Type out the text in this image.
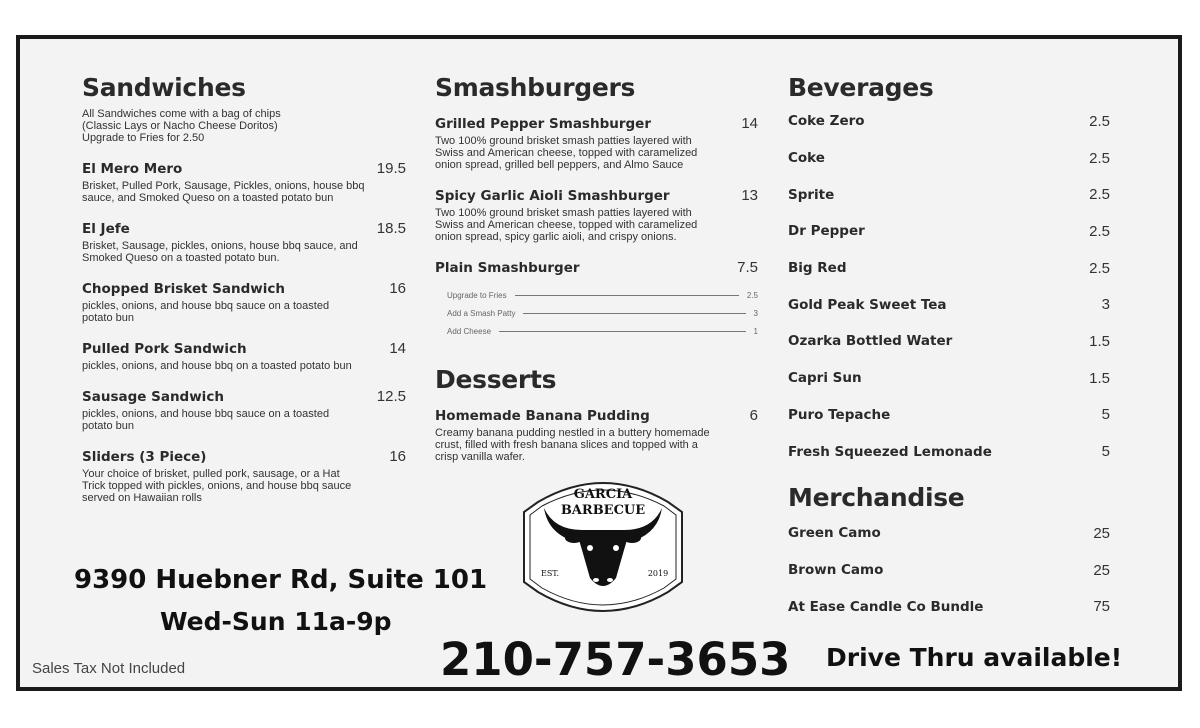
Sandwiches
All Sandwiches come with a bag of chips
(Classic Lays or Nacho Cheese Doritos)
Upgrade to Fries for 2.50
El Mero Mero	19.5
Brisket, Pulled Pork, Sausage, Pickles, onions, house bbq
sauce, and Smoked Queso on a toasted potato bun
El Jefe	18.5
Brisket, Sausage, pickles, onions, house bbq sauce, and
Smoked Queso on a toasted potato bun.
Chopped Brisket Sandwich	16
pickles, onions, and house bbq sauce on a toasted
potato bun
Pulled Pork Sandwich	14
pickles, onions, and house bbq on a toasted potato bun
Sausage Sandwich	12.5
pickles, onions, and house bbq sauce on a toasted
potato bun
Sliders (3 Piece)	16
Your choice of brisket, pulled pork, sausage, or a Hat
Trick topped with pickles, onions, and house bbq sauce
served on Hawaiian rolls
Smashburgers
Grilled Pepper Smashburger	14
Two 100% ground brisket smash patties layered with
Swiss and American cheese, topped with caramelized
onion spread, grilled bell peppers, and Almo Sauce
Spicy Garlic Aioli Smashburger	13
Two 100% ground brisket smash patties layered with
Swiss and American cheese, topped with caramelized
onion spread, spicy garlic aioli, and crispy onions.
Plain Smashburger	7.5
Upgrade to Fries	2.5
Add a Smash Patty	3
Add Cheese	1
Desserts
Homemade Banana Pudding	6
Creamy banana pudding nestled in a buttery homemade
crust, filled with fresh banana slices and topped with a
crisp vanilla wafer.
GARCIA
BARBECUE
EST.	2019
Beverages
Coke Zero	2.5
Coke	2.5
Sprite	2.5
Dr Pepper	2.5
Big Red	2.5
Gold Peak Sweet Tea	3
Ozarka Bottled Water	1.5
Capri Sun	1.5
Puro Tepache	5
Fresh Squeezed Lemonade	5
Merchandise
Green Camo	25
Brown Camo	25
At Ease Candle Co Bundle	75
9390 Huebner Rd, Suite 101
Wed-Sun 11a-9p
210-757-3653 Drive Thru available!
Sales Tax Not Included
